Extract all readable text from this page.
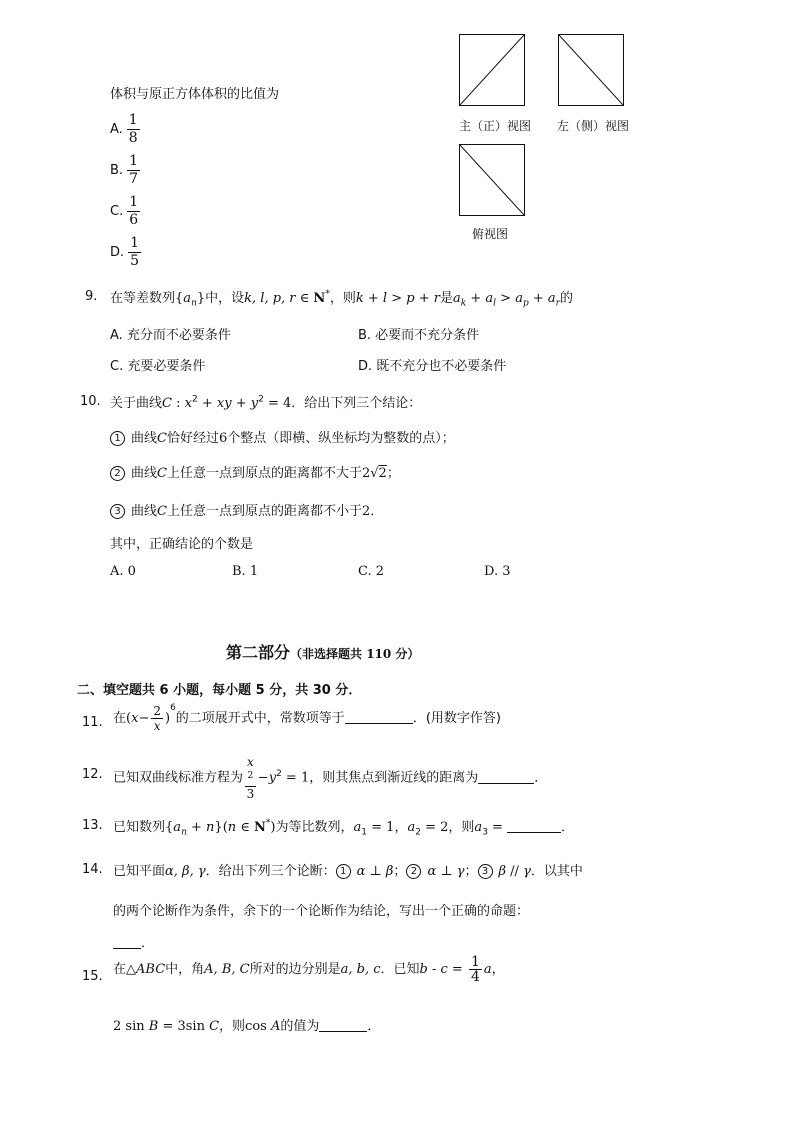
体积与原正方体体积的比值为
A. $\frac{1}{8}$
B. $\frac{1}{7}$
C. $\frac{1}{6}$
D. $\frac{1}{5}$
主（正）视图 左（侧）视图
俯视图
9. 在等差数列$\{a_n\}$中，设k, l, p, r ∈ N*，则k + l > p + r是$a_k + a_l > a_p + a_r$的
A. 充分而不必要条件	B. 必要而不充分条件
C. 充要必要条件	D. 既不充分也不必要条件
10. 关于曲线C : $x^2$ + xy + $y^2 = 4$．给出下列三个结论：
1 曲线C恰好经过6个整点（即横、纵坐标均为整数的点）；
2 曲线C上任意一点到原点的距离都不大于2√2；
3 曲线C上任意一点到原点的距离都不小于2．
其中，正确结论的个数是
A. 0	B. 1	C. 2	D. 3
第二部分（非选择题共 110 分）
二、填空题共 6 小题，每小题 5 分，共 30 分．
11. 在$(x- \frac{2}{x} )^6$的二项展开式中，常数项等于	．(用数字作答)
12. 已知双曲线标准方程为 x
$^2$
$3 -y^2 = 1$，则其焦点到渐近线的距离为	．
13. 已知数列$\{a_n + n\}(n$ ∈ N*)为等比数列，$a_1 = 1$，$a_2 = 2$，则$a_3$ =	．
14. 已知平面α, β, γ．给出下列三个论断： 1 α ⊥ β； 2 α ⊥ γ； 3 β // γ．以其中
的两个论断作为条件，余下的一个论断作为结论，写出一个正确的命题：
．
15. 在△ABC中，角A, B, C所对的边分别是a, b, c．已知$b - c = \frac{1}{4}$ a，
2 sin B = 3sin C，则cos A的值为	．
